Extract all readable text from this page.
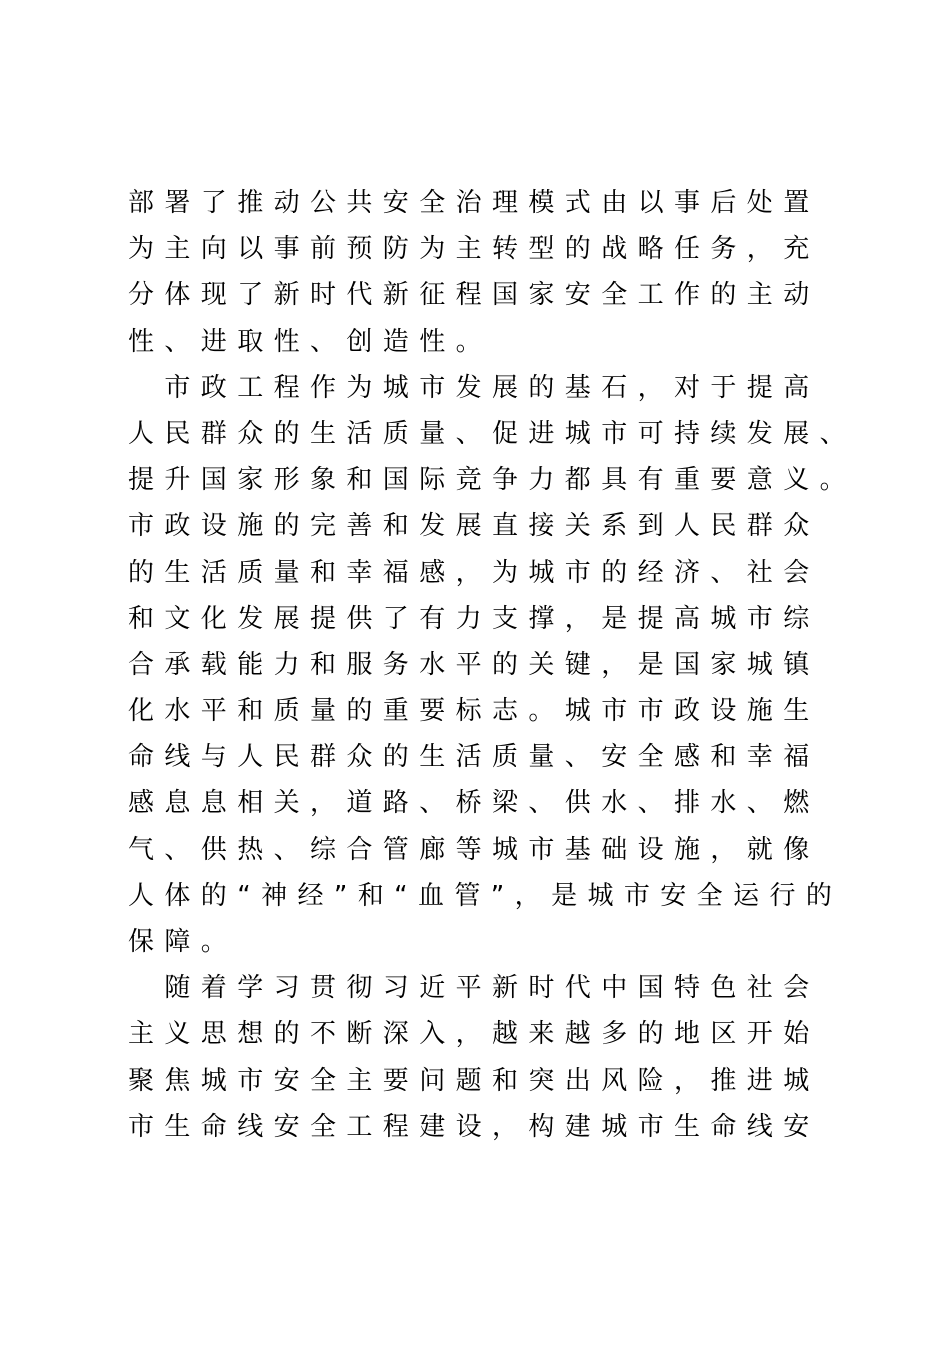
部署了推动公共安全治理模式由以事后处置
为主向以事前预防为主转型的战略任务，充
分体现了新时代新征程国家安全工作的主动
性、进取性、创造性。
　市政工程作为城市发展的基石，对于提高
人民群众的生活质量、促进城市可持续发展、
提升国家形象和国际竞争力都具有重要意义。
市政设施的完善和发展直接关系到人民群众
的生活质量和幸福感，为城市的经济、社会
和文化发展提供了有力支撑，是提高城市综
合承载能力和服务水平的关键，是国家城镇
化水平和质量的重要标志。城市市政设施生
命线与人民群众的生活质量、安全感和幸福
感息息相关，道路、桥梁、供水、排水、燃
气、供热、综合管廊等城市基础设施，就像
人体的“神经”和“血管”，是城市安全运行的
保障。
　随着学习贯彻习近平新时代中国特色社会
主义思想的不断深入，越来越多的地区开始
聚焦城市安全主要问题和突出风险，推进城
市生命线安全工程建设，构建城市生命线安
